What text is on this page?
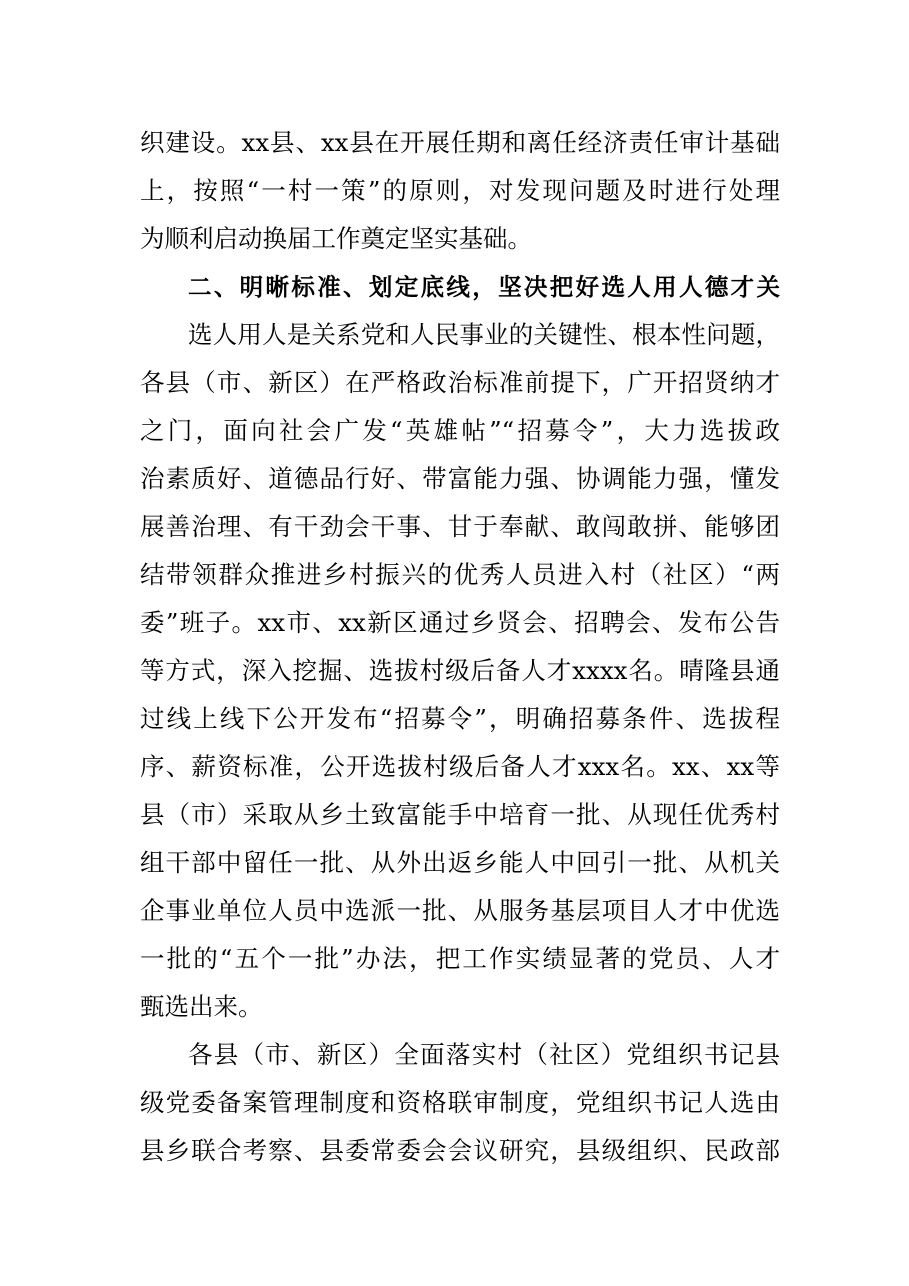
织建设。xx县、xx县在开展任期和离任经济责任审计基础
上，按照“一村一策”的原则，对发现问题及时进行处理
为顺利启动换届工作奠定坚实基础。
二、明晰标准、划定底线，坚决把好选人用人德才关
选人用人是关系党和人民事业的关键性、根本性问题，
各县（市、新区）在严格政治标准前提下，广开招贤纳才
之门，面向社会广发“英雄帖”“招募令”，大力选拔政
治素质好、道德品行好、带富能力强、协调能力强，懂发
展善治理、有干劲会干事、甘于奉献、敢闯敢拼、能够团
结带领群众推进乡村振兴的优秀人员进入村（社区）“两
委”班子。xx市、xx新区通过乡贤会、招聘会、发布公告
等方式，深入挖掘、选拔村级后备人才xxxx名。晴隆县通
过线上线下公开发布“招募令”，明确招募条件、选拔程
序、薪资标准，公开选拔村级后备人才xxx名。xx、xx等
县（市）采取从乡土致富能手中培育一批、从现任优秀村
组干部中留任一批、从外出返乡能人中回引一批、从机关
企事业单位人员中选派一批、从服务基层项目人才中优选
一批的“五个一批”办法，把工作实绩显著的党员、人才
甄选出来。
各县（市、新区）全面落实村（社区）党组织书记县
级党委备案管理制度和资格联审制度，党组织书记人选由
县乡联合考察、县委常委会会议研究，县级组织、民政部
